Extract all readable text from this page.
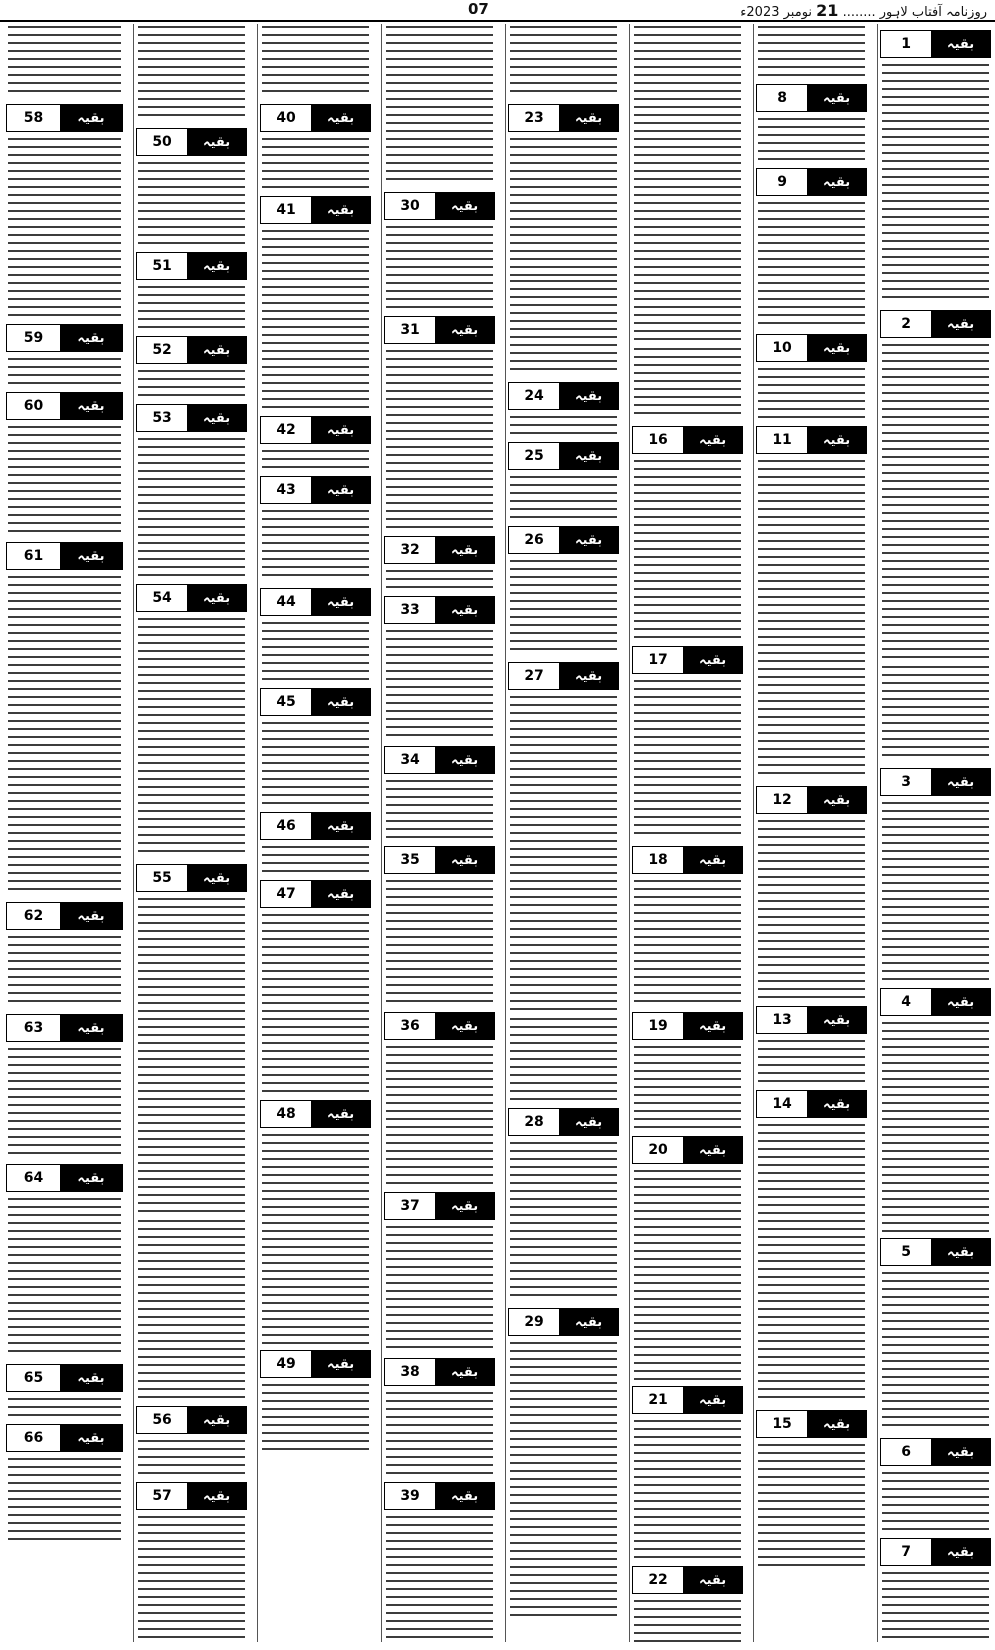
07	روزنامہ آفتاب لاہور ........ 21 نومبر 2023ء
1	بقیہ
2	بقیہ
3	بقیہ
4	بقیہ
5	بقیہ
6	بقیہ
7	بقیہ
8	بقیہ
9	بقیہ
10	بقیہ
11	بقیہ
12	بقیہ
13	بقیہ
14	بقیہ
15	بقیہ
16	بقیہ
17	بقیہ
18	بقیہ
19	بقیہ
20	بقیہ
21	بقیہ
22	بقیہ
23	بقیہ
24	بقیہ
25	بقیہ
26	بقیہ
27	بقیہ
28	بقیہ
29	بقیہ
30	بقیہ
31	بقیہ
32	بقیہ
33	بقیہ
34	بقیہ
35	بقیہ
36	بقیہ
37	بقیہ
38	بقیہ
39	بقیہ
40	بقیہ
41	بقیہ
42	بقیہ
43	بقیہ
44	بقیہ
45	بقیہ
46	بقیہ
47	بقیہ
48	بقیہ
49	بقیہ
50	بقیہ
51	بقیہ
52	بقیہ
53	بقیہ
54	بقیہ
55	بقیہ
56	بقیہ
57	بقیہ
58	بقیہ
59	بقیہ
60	بقیہ
61	بقیہ
62	بقیہ
63	بقیہ
64	بقیہ
65	بقیہ
66	بقیہ
